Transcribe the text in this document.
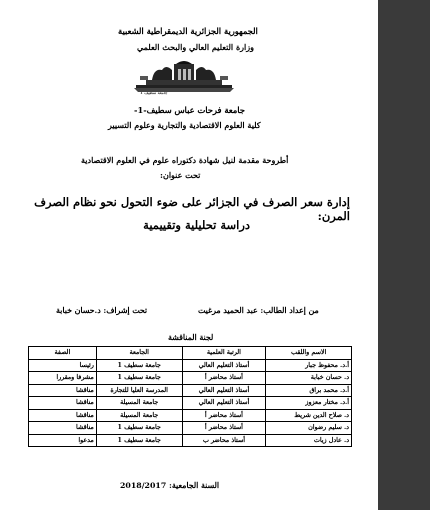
الجمهورية الجزائرية الديمقراطية الشعبية
وزارة التعليم العالي والبحث العلمي
جامعة سطيف 1
جامعة فرحات عباس سطيف-1-
كلية العلوم الاقتصادية والتجارية وعلوم التسيير
أطروحة مقدمة لنيل شهادة دكتوراه علوم في العلوم الاقتصادية
تحت عنوان:
إدارة سعر الصرف في الجزائر على ضوء التحول نحو نظام الصرف المرن:
دراسة تحليلية وتقييمية
من إعداد الطالب: عبد الحميد مرغيت
تحت إشراف: د.حسان خبابة
لجنة المناقشة
الاسم واللقب	الرتبة العلمية	الجامعة	الصفة
أ.د. محفوظ جبار	أستاذ التعليم العالي	جامعة سطيف 1	رئيسا
د. حسان خبابة	أستاذ محاضر أ	جامعة سطيف 1	مشرفا ومقررا
أ.د. محمد براق	أستاذ التعليم العالي	المدرسة العليا للتجارة	مناقشا
أ.د. مختار معزوز	أستاذ التعليم العالي	جامعة المسيلة	مناقشا
د. صلاح الدين شريط	أستاذ محاضر أ	جامعة المسيلة	مناقشا
د. سليم رضوان	أستاذ محاضر أ	جامعة سطيف 1	مناقشا
د. عادل زيات	أستاذ محاضر ب	جامعة سطيف 1	مدعوا
السنة الجامعية: 2018/2017
